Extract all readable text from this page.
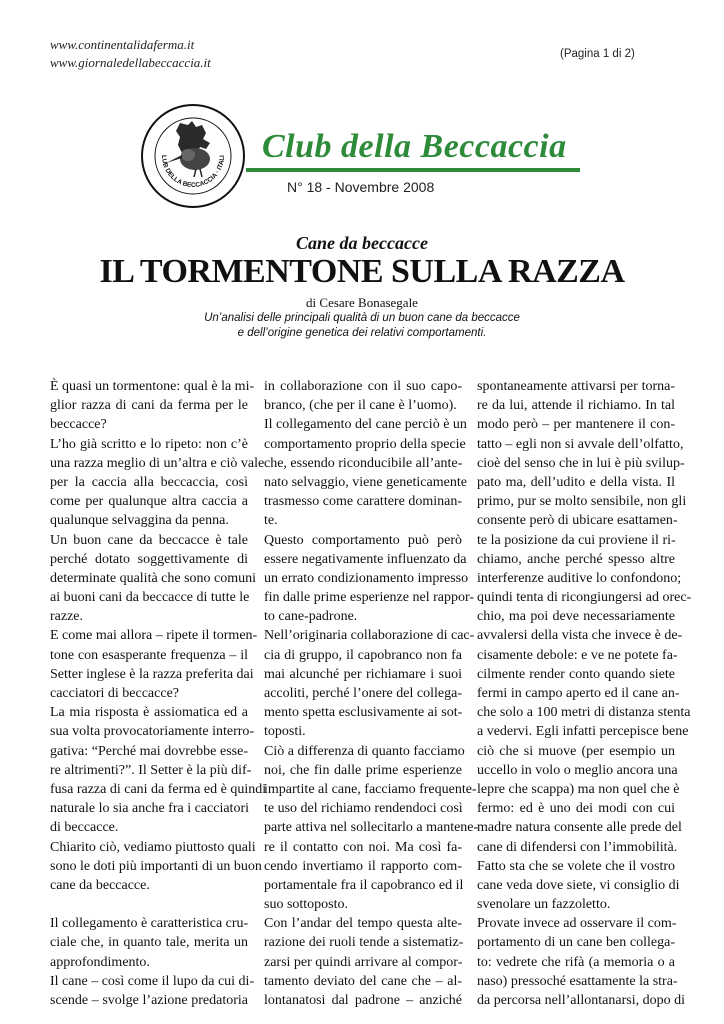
www.continentalidaferma.it
www.giornaledellabeccaccia.it
(Pagina 1 di 2)
LUB DELLA BECCACCIA · ITALI Club della Beccaccia
N° 18 - Novembre 2008
Cane da beccacce
IL TORMENTONE SULLA RAZZA
di Cesare Bonasegale
Un’analisi delle principali qualità di un buon cane da beccacce
e dell’origine genetica dei relativi comportamenti.
È quasi un tormentone: qual è la mi-
glior razza di cani da ferma per le
beccacce?
L’ho già scritto e lo ripeto: non c’è
una razza meglio di un’altra e ciò vale
per la caccia alla beccaccia, così
come per qualunque altra caccia a
qualunque selvaggina da penna.
Un buon cane da beccacce è tale
perché dotato soggettivamente di
determinate qualità che sono comuni
ai buoni cani da beccacce di tutte le
razze.
E come mai allora – ripete il tormen-
tone con esasperante frequenza – il
Setter inglese è la razza preferita dai
cacciatori di beccacce?
La mia risposta è assiomatica ed a
sua volta provocatoriamente interro-
gativa: “Perché mai dovrebbe esse-
re altrimenti?”. Il Setter è la più dif-
fusa razza di cani da ferma ed è quindi
naturale lo sia anche fra i cacciatori
di beccacce.
Chiarito ciò, vediamo piuttosto quali
sono le doti più importanti di un buon
cane da beccacce.
Il collegamento è caratteristica cru-
ciale che, in quanto tale, merita un
approfondimento.
Il cane – così come il lupo da cui di-
scende – svolge l’azione predatoria
in collaborazione con il suo capo-
branco, (che per il cane è l’uomo).
Il collegamento del cane perciò è un
comportamento proprio della specie
che, essendo riconducibile all’ante-
nato selvaggio, viene geneticamente
trasmesso come carattere dominan-
te.
Questo comportamento può però
essere negativamente influenzato da
un errato condizionamento impresso
fin dalle prime esperienze nel rappor-
to cane-padrone.
Nell’originaria collaborazione di cac-
cia di gruppo, il capobranco non fa
mai alcunché per richiamare i suoi
accoliti, perché l’onere del collega-
mento spetta esclusivamente ai sot-
toposti.
Ciò a differenza di quanto facciamo
noi, che fin dalle prime esperienze
impartite al cane, facciamo frequente-
te uso del richiamo rendendoci così
parte attiva nel sollecitarlo a mantene-
re il contatto con noi. Ma così fa-
cendo invertiamo il rapporto com-
portamentale fra il capobranco ed il
suo sottoposto.
Con l’andar del tempo questa alte-
razione dei ruoli tende a sistematiz-
zarsi per quindi arrivare al compor-
tamento deviato del cane che – al-
lontanatosi dal padrone – anziché
spontaneamente attivarsi per torna-
re da lui, attende il richiamo. In tal
modo però – per mantenere il con-
tatto – egli non si avvale dell’olfatto,
cioè del senso che in lui è più svilup-
pato ma, dell’udito e della vista. Il
primo, pur se molto sensibile, non gli
consente però di ubicare esattamen-
te la posizione da cui proviene il ri-
chiamo, anche perché spesso altre
interferenze auditive lo confondono;
quindi tenta di ricongiungersi ad orec-
chio, ma poi deve necessariamente
avvalersi della vista che invece è de-
cisamente debole: e ve ne potete fa-
cilmente render conto quando siete
fermi in campo aperto ed il cane an-
che solo a 100 metri di distanza stenta
a vedervi. Egli infatti percepisce bene
ciò che si muove (per esempio un
uccello in volo o meglio ancora una
lepre che scappa) ma non quel che è
fermo: ed è uno dei modi con cui
madre natura consente alle prede del
cane di difendersi con l’immobilità.
Fatto sta che se volete che il vostro
cane veda dove siete, vi consiglio di
svenolare un fazzoletto.
Provate invece ad osservare il com-
portamento di un cane ben collega-
to: vedrete che rifà (a memoria o a
naso) pressoché esattamente la stra-
da percorsa nell’allontanarsi, dopo di
